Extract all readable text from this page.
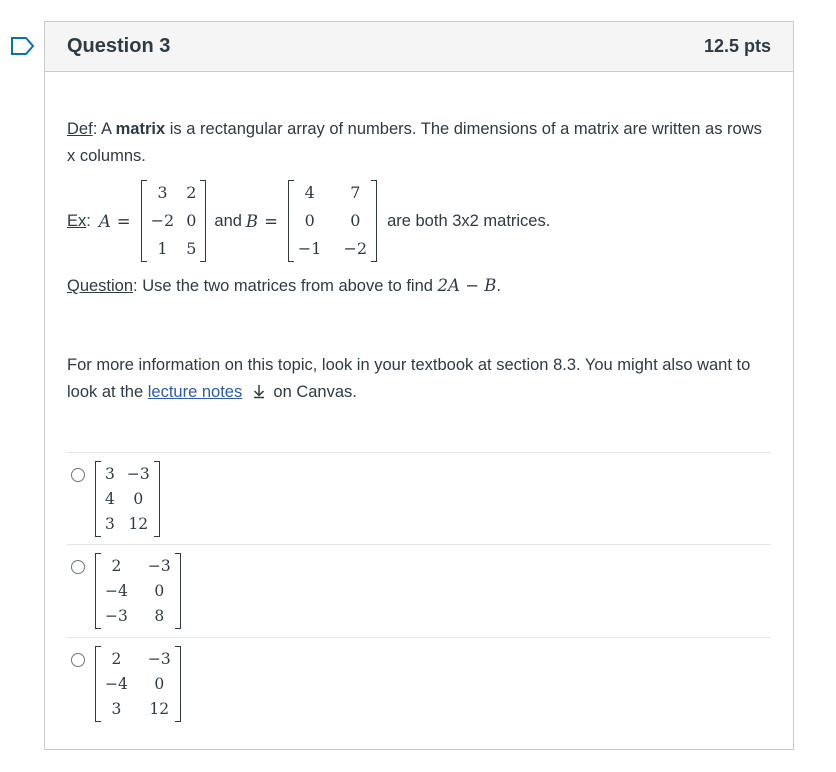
Question 3	12.5 pts

Def: A matrix is a rectangular array of numbers. The dimensions of a matrix are written as rows x columns.

Ex : A =
3	2
−2 0
1	5
and B =
4	7
0	0
−1 −2
are both 3x2 matrices.

Question: Use the two matrices from above to find 2A − B.

For more information on this topic, look in your textbook at section 8.3. You might also want to look at the lecture notes  on Canvas.

3 −3
4	0
3 12
2	−3
−4	0
−3	8
2	−3
−4	0
3	12
